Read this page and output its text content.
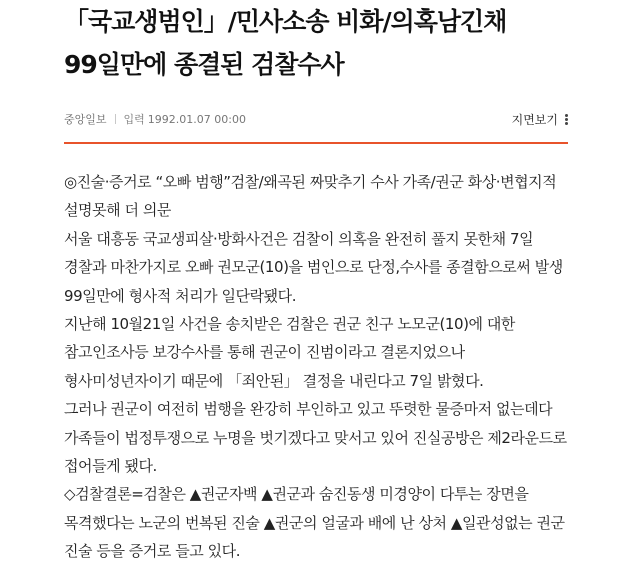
「국교생범인」/민사소송 비화/의혹남긴채
99일만에 종결된 검찰수사
중앙일보 입력 1992.01.07 00:00	지면보기
◎진술·증거로 “오빠 범행”검찰/왜곡된 짜맞추기 수사 가족/권군 화상·변협지적
설명못해 더 의문
서울 대흥동 국교생피살·방화사건은 검찰이 의혹을 완전히 풀지 못한채 7일
경찰과 마찬가지로 오빠 권모군(10)을 범인으로 단정,수사를 종결함으로써 발생
99일만에 형사적 처리가 일단락됐다.
지난해 10월21일 사건을 송치받은 검찰은 권군 친구 노모군(10)에 대한
참고인조사등 보강수사를 통해 권군이 진범이라고 결론지었으나
형사미성년자이기 때문에 「죄안된」 결정을 내린다고 7일 밝혔다.
그러나 권군이 여전히 범행을 완강히 부인하고 있고 뚜렷한 물증마저 없는데다
가족들이 법정투쟁으로 누명을 벗기겠다고 맞서고 있어 진실공방은 제2라운드로
접어들게 됐다.
◇검찰결론=검찰은 ▲권군자백 ▲권군과 숨진동생 미경양이 다투는 장면을
목격했다는 노군의 번복된 진술 ▲권군의 얼굴과 배에 난 상처 ▲일관성없는 권군
진술 등을 증거로 들고 있다.
